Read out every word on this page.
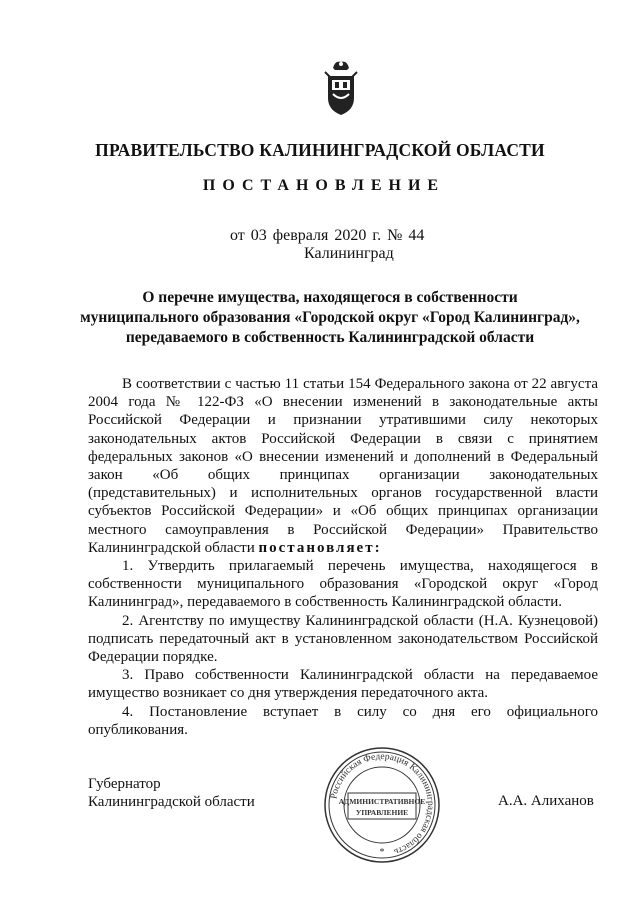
ПРАВИТЕЛЬСТВО КАЛИНИНГРАДСКОЙ ОБЛАСТИ
ПОСТАНОВЛЕНИЕ
от 03 февраля 2020 г. № 44
Калининград
О перечне имущества, находящегося в собственности
муниципального образования «Городской округ «Город Калининград»,
передаваемого в собственность Калининградской области

В соответствии с частью 11 статьи 154 Федерального закона от 22 августа 2004 года № 122-ФЗ «О внесении изменений в законодательные акты Российской Федерации и признании утратившими силу некоторых законодательных актов Российской Федерации в связи с принятием федеральных законов «О внесении изменений и дополнений в Федеральный закон «Об общих принципах организации законодательных (представительных) и исполнительных органов государственной власти субъектов Российской Федерации» и «Об общих принципах организации местного самоуправления в Российской Федерации» Правительство Калининградской области постановляет:

1. Утвердить прилагаемый перечень имущества, находящегося в собственности муниципального образования «Городской округ «Город Калининград», передаваемого в собственность Калининградской области.

2. Агентству по имуществу Калининградской области (Н.А. Кузнецовой) подписать передаточный акт в установленном законодательством Российской Федерации порядке.

3. Право собственности Калининградской области на передаваемое имущество возникает со дня утверждения передаточного акта.

4. Постановление вступает в силу со дня его официального опубликования.

Губернатор
Калининградской области	Российская Федерация Калининградская область
АДМИНИСТРАТИВНОЕ
УПРАВЛЕНИЕ
*
А.А. Алиханов
